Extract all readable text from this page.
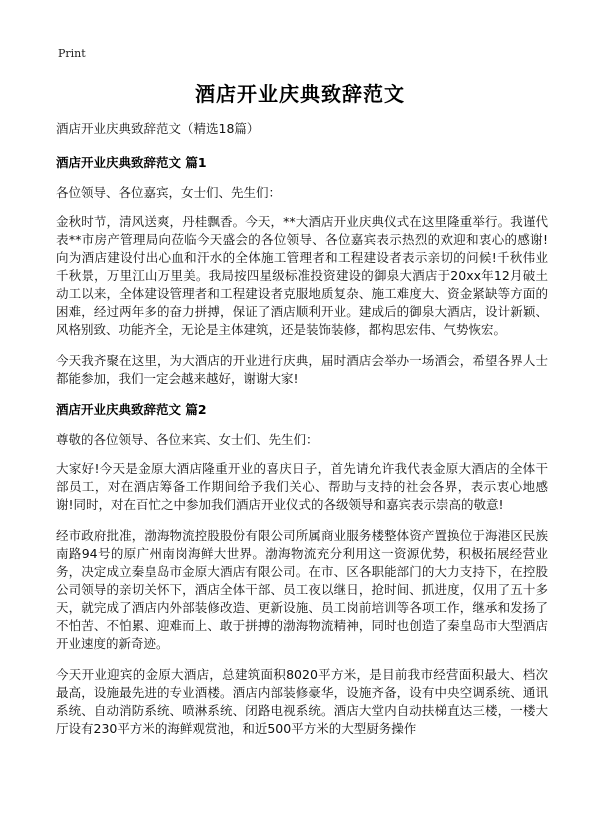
Print
酒店开业庆典致辞范文
酒店开业庆典致辞范文（精选18篇）
酒店开业庆典致辞范文 篇1
各位领导、各位嘉宾，女士们、先生们：
金秋时节，清风送爽，丹桂飘香。今天，**大酒店开业庆典仪式在这里隆重举行。我谨代表**市房产管理局向莅临今天盛会的各位领导、各位嘉宾表示热烈的欢迎和衷心的感谢!向为酒店建设付出心血和汗水的全体施工管理者和工程建设者表示亲切的问候!千秋伟业千秋景，万里江山万里美。我局按四星级标准投资建设的御泉大酒店于20xx年12月破土动工以来，全体建设管理者和工程建设者克服地质复杂、施工难度大、资金紧缺等方面的困难，经过两年多的奋力拼搏，保证了酒店顺利开业。建成后的御泉大酒店，设计新颖、风格别致、功能齐全，无论是主体建筑，还是装饰装修，都构思宏伟、气势恢宏。
今天我齐聚在这里，为大酒店的开业进行庆典，届时酒店会举办一场酒会，希望各界人士都能参加，我们一定会越来越好，谢谢大家!
酒店开业庆典致辞范文 篇2
尊敬的各位领导、各位来宾、女士们、先生们：
大家好!今天是金原大酒店隆重开业的喜庆日子，首先请允许我代表金原大酒店的全体干部员工，对在酒店筹备工作期间给予我们关心、帮助与支持的社会各界，表示衷心地感谢!同时，对在百忙之中参加我们酒店开业仪式的各级领导和嘉宾表示崇高的敬意!
经市政府批准，渤海物流控股股份有限公司所属商业服务楼整体资产置换位于海港区民族南路94号的原广州南岗海鲜大世界。渤海物流充分利用这一资源优势，积极拓展经营业务，决定成立秦皇岛市金原大酒店有限公司。在市、区各职能部门的大力支持下，在控股公司领导的亲切关怀下，酒店全体干部、员工夜以继日，抢时间、抓进度，仅用了五十多天，就完成了酒店内外部装修改造、更新设施、员工岗前培训等各项工作，继承和发扬了不怕苦、不怕累、迎难而上、敢于拼搏的渤海物流精神，同时也创造了秦皇岛市大型酒店开业速度的新奇迹。
今天开业迎宾的金原大酒店，总建筑面积8020平方米，是目前我市经营面积最大、档次最高，设施最先进的专业酒楼。酒店内部装修豪华，设施齐备，设有中央空调系统、通讯系统、自动消防系统、喷淋系统、闭路电视系统。酒店大堂内自动扶梯直达三楼，一楼大厅设有230平方米的海鲜观赏池，和近500平方米的大型厨务操作
